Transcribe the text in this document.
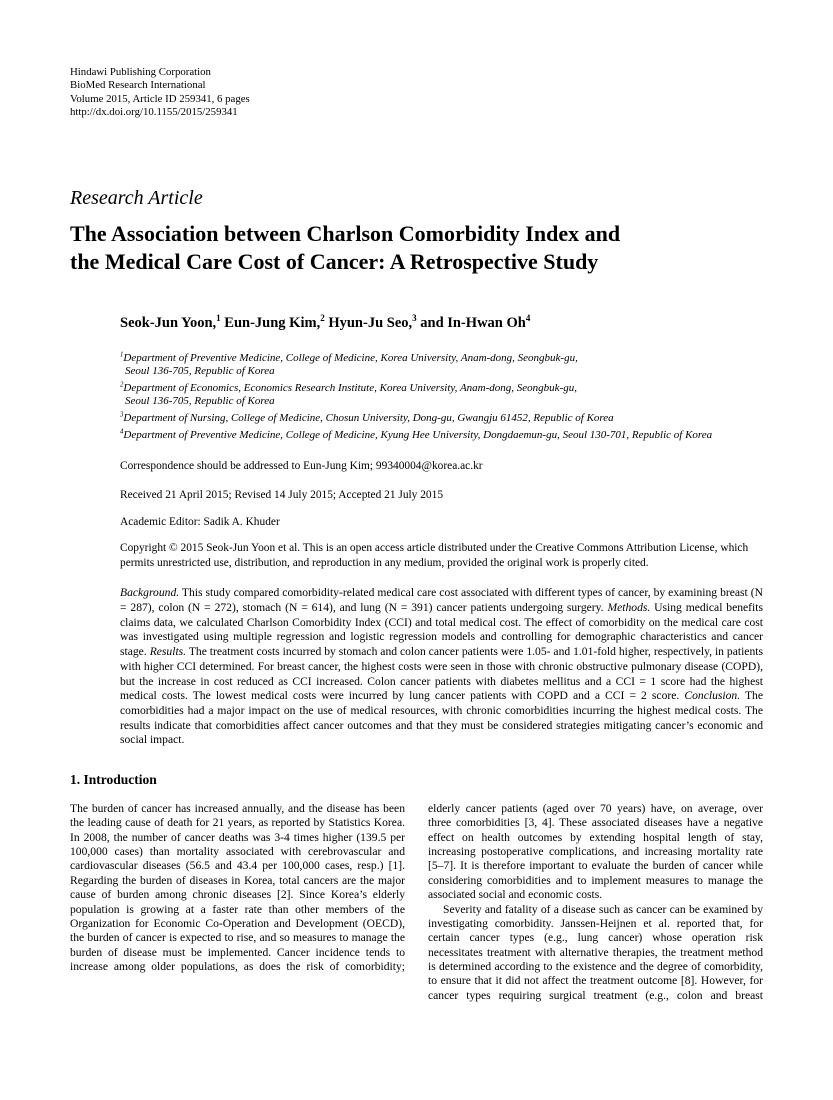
Hindawi Publishing Corporation
BioMed Research International
Volume 2015, Article ID 259341, 6 pages
http://dx.doi.org/10.1155/2015/259341
Research Article
The Association between Charlson Comorbidity Index and
the Medical Care Cost of Cancer: A Retrospective Study
Seok-Jun Yoon,$^1$ Eun-Jung Kim,$^2$ Hyun-Ju Seo,$^3$ and In-Hwan Oh$^4$
$^1$Department of Preventive Medicine, College of Medicine, Korea University, Anam-dong, Seongbuk-gu,
Seoul 136-705, Republic of Korea
$^2$Department of Economics, Economics Research Institute, Korea University, Anam-dong, Seongbuk-gu,
Seoul 136-705, Republic of Korea
$^3$Department of Nursing, College of Medicine, Chosun University, Dong-gu, Gwangju 61452, Republic of Korea
$^4$Department of Preventive Medicine, College of Medicine, Kyung Hee University, Dongdaemun-gu, Seoul 130-701, Republic of Korea
Correspondence should be addressed to Eun-Jung Kim; 99340004@korea.ac.kr
Received 21 April 2015; Revised 14 July 2015; Accepted 21 July 2015
Academic Editor: Sadik A. Khuder
Copyright © 2015 Seok-Jun Yoon et al. This is an open access article distributed under the Creative Commons Attribution License, which permits unrestricted use, distribution, and reproduction in any medium, provided the original work is properly cited.
Background. This study compared comorbidity-related medical care cost associated with different types of cancer, by examining breast (N = 287), colon (N = 272), stomach (N = 614), and lung (N = 391) cancer patients undergoing surgery. Methods. Using medical benefits claims data, we calculated Charlson Comorbidity Index (CCI) and total medical cost. The effect of comorbidity on the medical care cost was investigated using multiple regression and logistic regression models and controlling for demographic characteristics and cancer stage. Results. The treatment costs incurred by stomach and colon cancer patients were 1.05- and 1.01-fold higher, respectively, in patients with higher CCI determined. For breast cancer, the highest costs were seen in those with chronic obstructive pulmonary disease (COPD), but the increase in cost reduced as CCI increased. Colon cancer patients with diabetes mellitus and a CCI = 1 score had the highest medical costs. The lowest medical costs were incurred by lung cancer patients with COPD and a CCI = 2 score. Conclusion. The comorbidities had a major impact on the use of medical resources, with chronic comorbidities incurring the highest medical costs. The results indicate that comorbidities affect cancer outcomes and that they must be considered strategies mitigating cancer’s economic and social impact.
1. Introduction

The burden of cancer has increased annually, and the disease has been the leading cause of death for 21 years, as reported by Statistics Korea. In 2008, the number of cancer deaths was 3-4 times higher (139.5 per 100,000 cases) than mortality associated with cerebrovascular and cardiovascular diseases (56.5 and 43.4 per 100,000 cases, resp.) [1]. Regarding the burden of diseases in Korea, total cancers are the major cause of burden among chronic diseases [2]. Since Korea’s elderly population is growing at a faster rate than other members of the Organization for Economic Co-Operation and Development (OECD), the burden of cancer is expected to rise, and so measures to manage the burden of disease must be implemented. Cancer incidence tends to increase among older populations, as does the risk of comorbidity;

elderly cancer patients (aged over 70 years) have, on average, over three comorbidities [3, 4]. These associated diseases have a negative effect on health outcomes by extending hospital length of stay, increasing postoperative complications, and increasing mortality rate [5–7]. It is therefore important to evaluate the burden of cancer while considering comorbidities and to implement measures to manage the associated social and economic costs.

Severity and fatality of a disease such as cancer can be examined by investigating comorbidity. Janssen-Heijnen et al. reported that, for certain cancer types (e.g., lung cancer) whose operation risk necessitates treatment with alternative therapies, the treatment method is determined according to the existence and the degree of comorbidity, to ensure that it did not affect the treatment outcome [8]. However, for cancer types requiring surgical treatment (e.g., colon and breast
